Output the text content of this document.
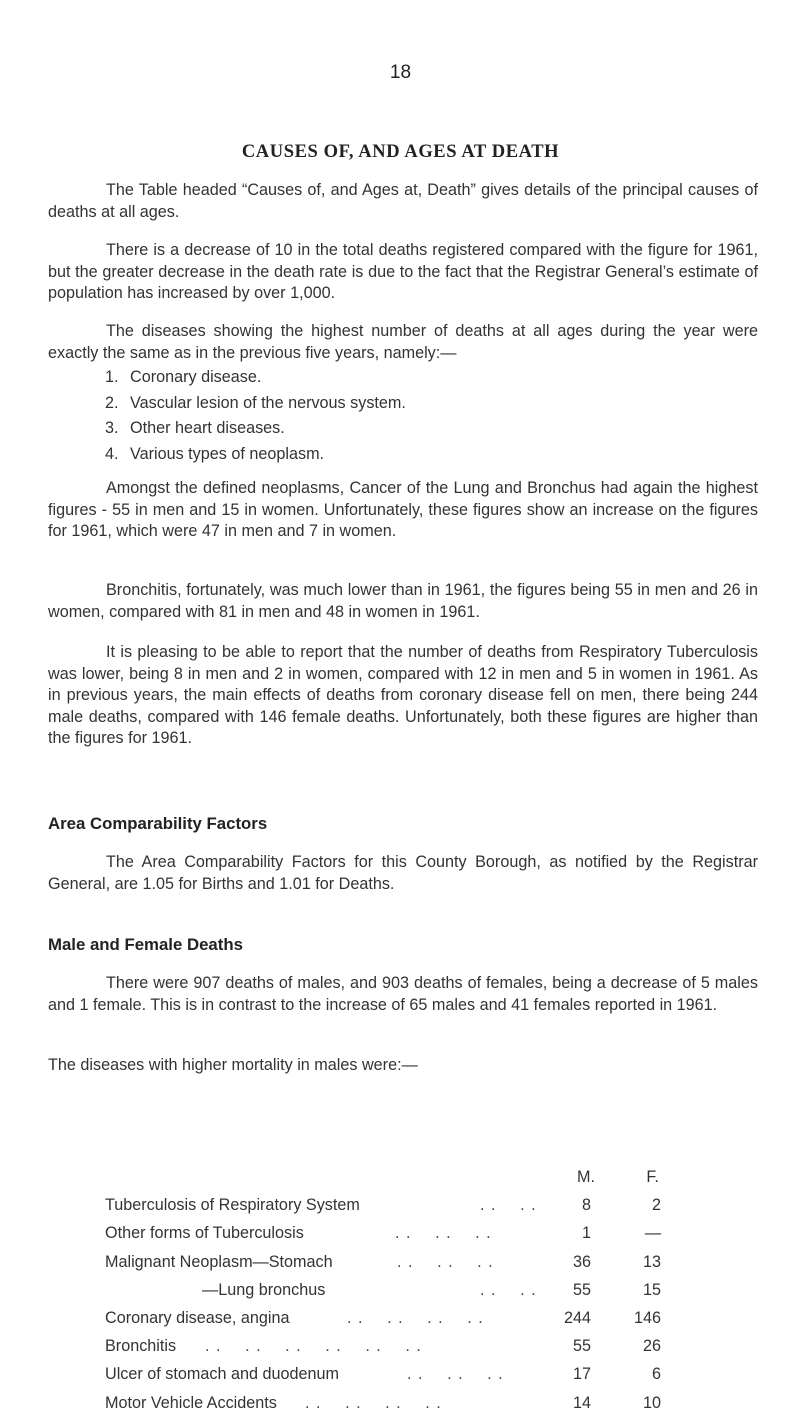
18
CAUSES OF, AND AGES AT DEATH

The Table headed “Causes of, and Ages at, Death” gives details of the principal causes of deaths at all ages.

There is a decrease of 10 in the total deaths registered compared with the figure for 1961, but the greater decrease in the death rate is due to the fact that the Registrar General’s estimate of population has increased by over 1,000.

The diseases showing the highest number of deaths at all ages during the year were exactly the same as in the previous five years, namely:—

1. Coronary disease.
2. Vascular lesion of the nervous system.
3. Other heart diseases.
4. Various types of neoplasm.

Amongst the defined neoplasms, Cancer of the Lung and Bronchus had again the highest figures - 55 in men and 15 in women. Unfortunately, these figures show an increase on the figures for 1961, which were 47 in men and 7 in women.

Bronchitis, fortunately, was much lower than in 1961, the figures being 55 in men and 26 in women, compared with 81 in men and 48 in women in 1961.

It is pleasing to be able to report that the number of deaths from Respiratory Tuberculosis was lower, being 8 in men and 2 in women, compared with 12 in men and 5 in women in 1961. As in previous years, the main effects of deaths from coronary disease fell on men, there being 244 male deaths, compared with 146 female deaths. Unfortunately, both these figures are higher than the figures for 1961.

Area Comparability Factors

The Area Comparability Factors for this County Borough, as notified by the Registrar General, are 1.05 for Births and 1.01 for Deaths.

Male and Female Deaths

There were 907 deaths of males, and 903 deaths of females, being a decrease of 5 males and 1 female. This is in contrast to the increase of 65 males and 41 females reported in 1961.

The diseases with higher mortality in males were:—

M.	F.
Tuberculosis of Respiratory System	. .  . .	8	2
Other forms of Tuberculosis	. .  . .  . .	1	—
Malignant Neoplasm—Stomach	. .  . .  . .	36	13
—Lung bronchus	. .  . . 55	15
Coronary disease, angina	. .  . .  . .  . .	244	146
Bronchitis . .  . .  . .  . .  . .  . .	55	26
Ulcer of stomach and duodenum	. .  . .  . .	17	6
Motor Vehicle Accidents . .  . .  . .  . .	14	10
